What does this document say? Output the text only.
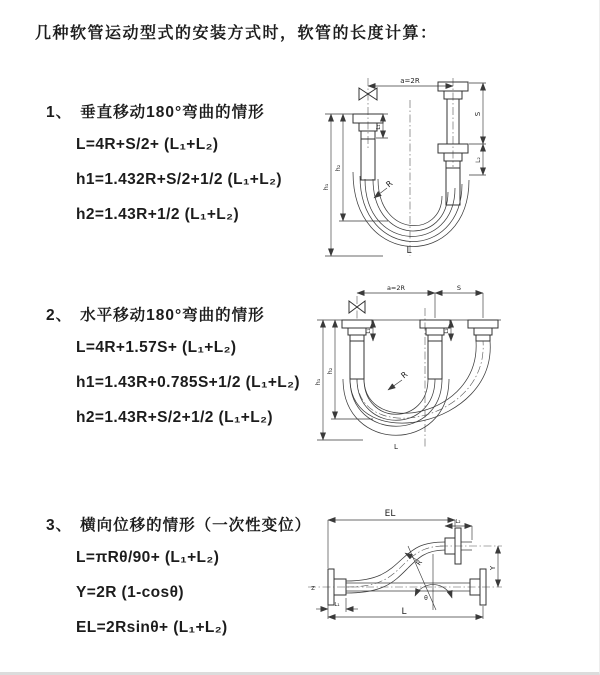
几种软管运动型式的安装方式时，软管的长度计算：
1、 垂直移动180°弯曲的情形
L=4R+S/2+ (L₁+L₂)
h1=1.432R+S/2+1/2 (L₁+L₂)
h2=1.43R+1/2 (L₁+L₂)
2、 水平移动180°弯曲的情形
L=4R+1.57S+ (L₁+L₂)
h1=1.43R+0.785S+1/2 (L₁+L₂)
h2=1.43R+S/2+1/2 (L₁+L₂)
3、 横向位移的情形（一次性变位）
L=πRθ/90+ (L₁+L₂)
Y=2R (1-cosθ)
EL=2Rsinθ+ (L₁+L₂)
a=2R
S
L₂
h₁
h₂
L₁
R
L
a=2R	S
h₁
h₂
L₁	L₂
R
L
EL
L₂
Y
L
L₁
R
θ
Z
